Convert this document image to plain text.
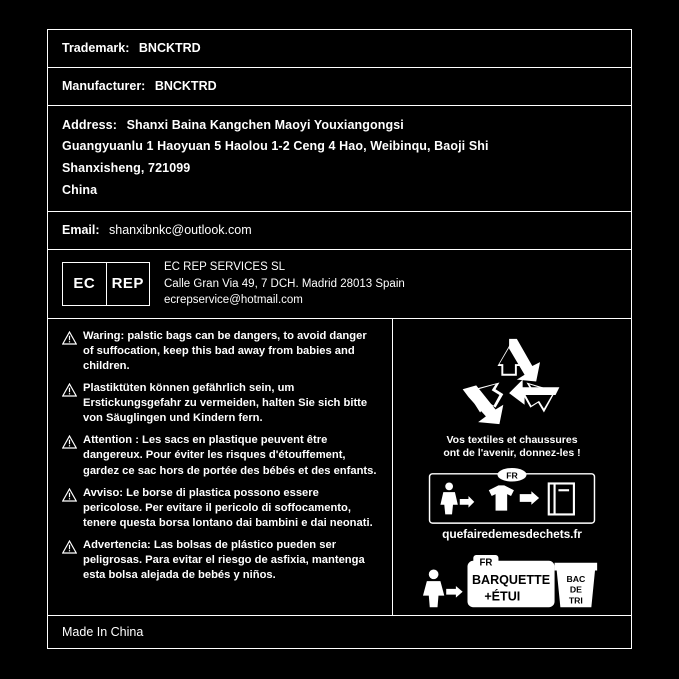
Trademark: BNCKTRD
Manufacturer: BNCKTRD
Address: Shanxi Baina Kangchen Maoyi Youxiangongsi
Guangyuanlu 1 Haoyuan 5 Haolou 1-2 Ceng 4 Hao, Weibinqu, Baoji Shi
Shanxisheng, 721099
China
Email: shanxibnkc@outlook.com
EC	REP
EC REP SERVICES SL
Calle Gran Via 49, 7 DCH. Madrid 28013 Spain
ecrepservice@hotmail.com
Waring: palstic bags can be dangers, to avoid danger of suffocation, keep this bad away from babies and children.
Plastiktüten können gefährlich sein, um Erstickungsgefahr zu vermeiden, halten Sie sich bitte von Säuglingen und Kindern fern.
Attention : Les sacs en plastique peuvent être dangereux. Pour éviter les risques d'étouffement, gardez ce sac hors de portée des bébés et des enfants.
Avviso: Le borse di plastica possono essere pericolose. Per evitare il pericolo di soffocamento, tenere questa borsa lontano dai bambini e dai neonati.
Advertencia: Las bolsas de plástico pueden ser peligrosas. Para evitar el riesgo de asfixia, mantenga esta bolsa alejada de bebés y niños.
Vos textiles et chaussures
ont de l'avenir, donnez-les !
FR
quefairedemesdechets.fr
FR
BARQUETTE
+ÉTUI
BAC
DE
TRI
Made In China
